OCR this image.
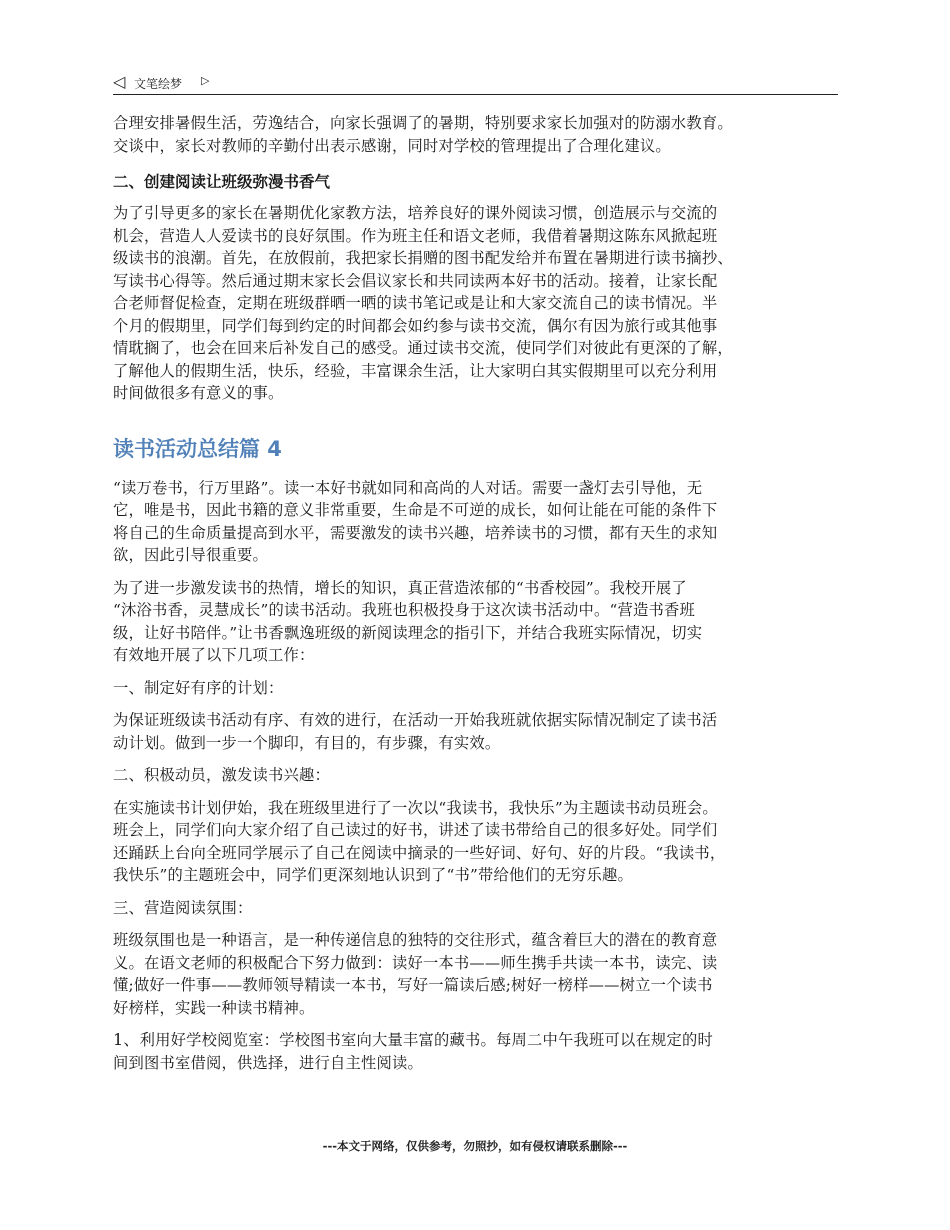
◁ 文笔绘梦 ▷

合理安排暑假生活，劳逸结合，向家长强调了的暑期，特别要求家长加强对的防溺水教育。
交谈中，家长对教师的辛勤付出表示感谢，同时对学校的管理提出了合理化建议。

二、创建阅读让班级弥漫书香气

为了引导更多的家长在暑期优化家教方法，培养良好的课外阅读习惯，创造展示与交流的
机会，营造人人爱读书的良好氛围。作为班主任和语文老师，我借着暑期这陈东风掀起班
级读书的浪潮。首先，在放假前，我把家长捐赠的图书配发给并布置在暑期进行读书摘抄、
写读书心得等。然后通过期末家长会倡议家长和共同读两本好书的活动。接着，让家长配
合老师督促检查，定期在班级群晒一晒的读书笔记或是让和大家交流自己的读书情况。半
个月的假期里，同学们每到约定的时间都会如约参与读书交流，偶尔有因为旅行或其他事
情耽搁了，也会在回来后补发自己的感受。通过读书交流，使同学们对彼此有更深的了解，
了解他人的假期生活，快乐，经验，丰富课余生活，让大家明白其实假期里可以充分利用
时间做很多有意义的事。

读书活动总结篇 4

“读万卷书，行万里路”。读一本好书就如同和高尚的人对话。需要一盏灯去引导他，无
它，唯是书，因此书籍的意义非常重要，生命是不可逆的成长，如何让能在可能的条件下
将自己的生命质量提高到水平，需要激发的读书兴趣，培养读书的习惯，都有天生的求知
欲，因此引导很重要。

为了进一步激发读书的热情，增长的知识，真正营造浓郁的“书香校园”。我校开展了
“沐浴书香，灵慧成长”的读书活动。我班也积极投身于这次读书活动中。“营造书香班
级，让好书陪伴。”让书香飘逸班级的新阅读理念的指引下，并结合我班实际情况，切实
有效地开展了以下几项工作：

一、制定好有序的计划：

为保证班级读书活动有序、有效的进行，在活动一开始我班就依据实际情况制定了读书活
动计划。做到一步一个脚印，有目的，有步骤，有实效。

二、积极动员，激发读书兴趣：

在实施读书计划伊始，我在班级里进行了一次以“我读书，我快乐”为主题读书动员班会。
班会上，同学们向大家介绍了自己读过的好书，讲述了读书带给自己的很多好处。同学们
还踊跃上台向全班同学展示了自己在阅读中摘录的一些好词、好句、好的片段。“我读书，
我快乐”的主题班会中，同学们更深刻地认识到了“书”带给他们的无穷乐趣。

三、营造阅读氛围：

班级氛围也是一种语言，是一种传递信息的独特的交往形式，蕴含着巨大的潜在的教育意
义。在语文老师的积极配合下努力做到：读好一本书——师生携手共读一本书，读完、读
懂;做好一件事——教师领导精读一本书，写好一篇读后感;树好一榜样——树立一个读书
好榜样，实践一种读书精神。

1、利用好学校阅览室：学校图书室向大量丰富的藏书。每周二中午我班可以在规定的时
间到图书室借阅，供选择，进行自主性阅读。

---本文于网络，仅供参考，勿照抄，如有侵权请联系删除---
